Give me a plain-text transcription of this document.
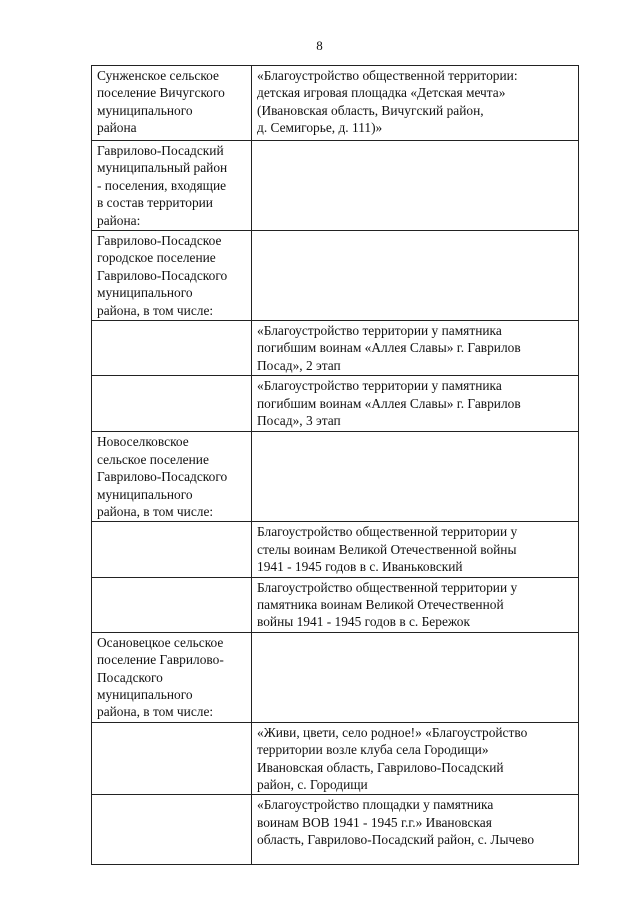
8
Сунженское сельское
поселение Вичугского
муниципального
района	«Благоустройство общественной территории:
детская игровая площадка «Детская мечта»
(Ивановская область, Вичугский район,
д. Семигорье, д. 111)»
Гаврилово-Посадский
муниципальный район
- поселения, входящие
в состав территории
района:	
Гаврилово-Посадское
городское поселение
Гаврилово-Посадского
муниципального
района, в том числе:	
	«Благоустройство территории у памятника
погибшим воинам «Аллея Славы» г. Гаврилов
Посад», 2 этап
	«Благоустройство территории у памятника
погибшим воинам «Аллея Славы» г. Гаврилов
Посад», 3 этап
Новоселковское
сельское поселение
Гаврилово-Посадского
муниципального
района, в том числе:	
	Благоустройство общественной территории у
стелы воинам Великой Отечественной войны
1941 - 1945 годов в с. Иваньковский
	Благоустройство общественной территории у
памятника воинам Великой Отечественной
войны 1941 - 1945 годов в с. Бережок
Осановецкое сельское
поселение Гаврилово-
Посадского
муниципального
района, в том числе:	
	«Живи, цвети, село родное!» «Благоустройство
территории возле клуба села Городищи»
Ивановская область, Гаврилово-Посадский
район, с. Городищи
	«Благоустройство площадки у памятника
воинам ВОВ 1941 - 1945 г.г.» Ивановская
область, Гаврилово-Посадский район, с. Лычево
